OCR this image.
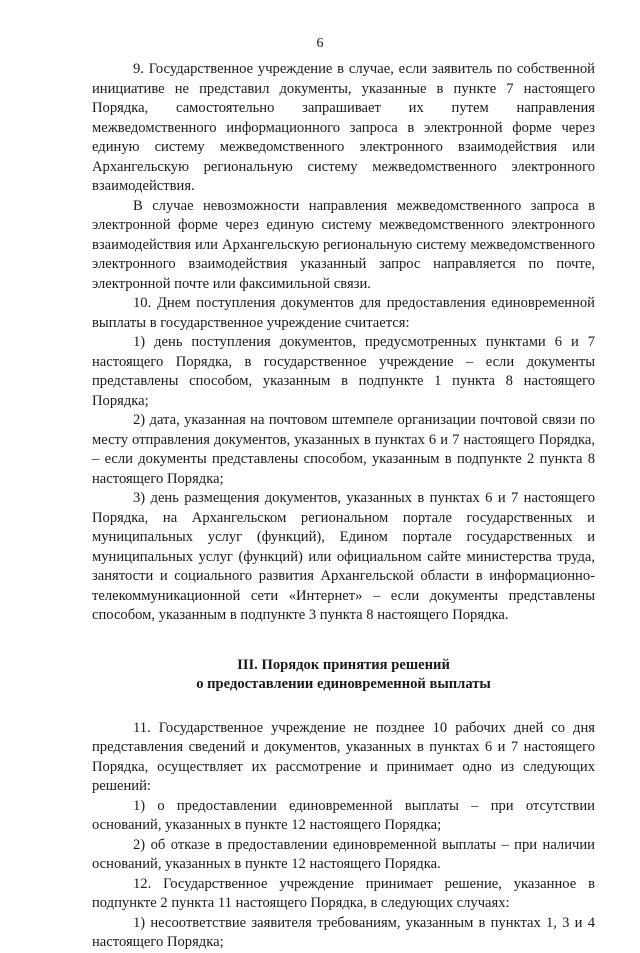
6

9. Государственное учреждение в случае, если заявитель по собственной инициативе не представил документы, указанные в пункте 7 настоящего Порядка, самостоятельно запрашивает их путем направления межведомственного информационного запроса в электронной форме через единую систему межведомственного электронного взаимодействия или Архангельскую региональную систему межведомственного электронного взаимодействия.

В случае невозможности направления межведомственного запроса в электронной форме через единую систему межведомственного электронного взаимодействия или Архангельскую региональную систему межведомственного электронного взаимодействия указанный запрос направляется по почте, электронной почте или факсимильной связи.

10. Днем поступления документов для предоставления единовременной выплаты в государственное учреждение считается:

1) день поступления документов, предусмотренных пунктами 6 и 7 настоящего Порядка, в государственное учреждение – если документы представлены способом, указанным в подпункте 1 пункта 8 настоящего Порядка;

2) дата, указанная на почтовом штемпеле организации почтовой связи по месту отправления документов, указанных в пунктах 6 и 7 настоящего Порядка, – если документы представлены способом, указанным в подпункте 2 пункта 8 настоящего Порядка;

3) день размещения документов, указанных в пунктах 6 и 7 настоящего Порядка, на Архангельском региональном портале государственных и муниципальных услуг (функций), Едином портале государственных и муниципальных услуг (функций) или официальном сайте министерства труда, занятости и социального развития Архангельской области в информационно-телекоммуникационной сети «Интернет» – если документы представлены способом, указанным в подпункте 3 пункта 8 настоящего Порядка.

III. Порядок принятия решений
о предоставлении единовременной выплаты

11. Государственное учреждение не позднее 10 рабочих дней со дня представления сведений и документов, указанных в пунктах 6 и 7 настоящего Порядка, осуществляет их рассмотрение и принимает одно из следующих решений:

1) о предоставлении единовременной выплаты – при отсутствии оснований, указанных в пункте 12 настоящего Порядка;

2) об отказе в предоставлении единовременной выплаты – при наличии оснований, указанных в пункте 12 настоящего Порядка.

12. Государственное учреждение принимает решение, указанное в подпункте 2 пункта 11 настоящего Порядка, в следующих случаях:

1) несоответствие заявителя требованиям, указанным в пунктах 1, 3 и 4 настоящего Порядка;
